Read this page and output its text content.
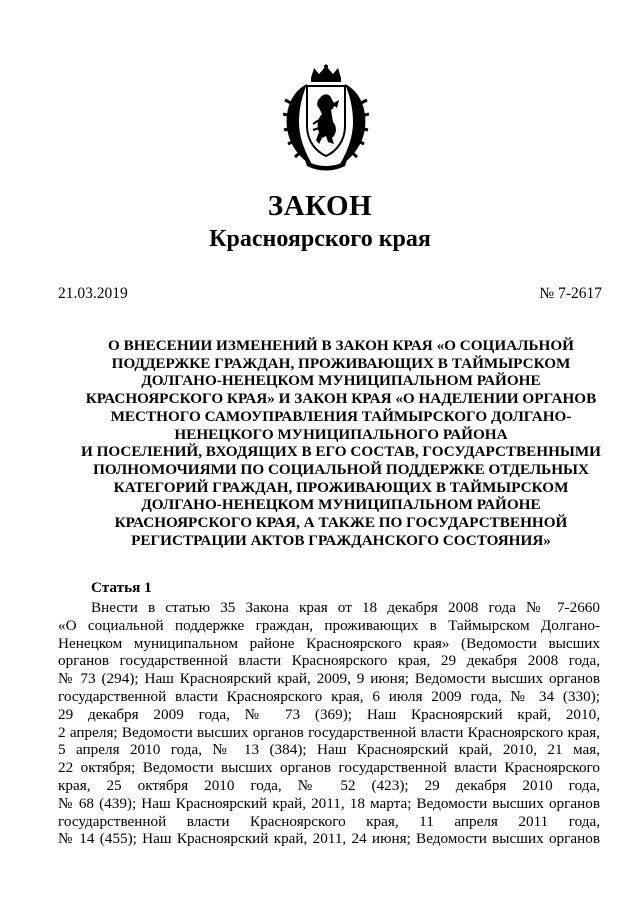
ЗАКОН
Красноярского края
21.03.2019	№ 7-2617
О ВНЕСЕНИИ ИЗМЕНЕНИЙ В ЗАКОН КРАЯ «О СОЦИАЛЬНОЙ
ПОДДЕРЖКЕ ГРАЖДАН, ПРОЖИВАЮЩИХ В ТАЙМЫРСКОМ
ДОЛГАНО-НЕНЕЦКОМ МУНИЦИПАЛЬНОМ РАЙОНЕ
КРАСНОЯРСКОГО КРАЯ» И ЗАКОН КРАЯ «О НАДЕЛЕНИИ ОРГАНОВ
МЕСТНОГО САМОУПРАВЛЕНИЯ ТАЙМЫРСКОГО ДОЛГАНО-
НЕНЕЦКОГО МУНИЦИПАЛЬНОГО РАЙОНА
И ПОСЕЛЕНИЙ, ВХОДЯЩИХ В ЕГО СОСТАВ, ГОСУДАРСТВЕННЫМИ
ПОЛНОМОЧИЯМИ ПО СОЦИАЛЬНОЙ ПОДДЕРЖКЕ ОТДЕЛЬНЫХ
КАТЕГОРИЙ ГРАЖДАН, ПРОЖИВАЮЩИХ В ТАЙМЫРСКОМ
ДОЛГАНО-НЕНЕЦКОМ МУНИЦИПАЛЬНОМ РАЙОНЕ
КРАСНОЯРСКОГО КРАЯ, А ТАКЖЕ ПО ГОСУДАРСТВЕННОЙ
РЕГИСТРАЦИИ АКТОВ ГРАЖДАНСКОГО СОСТОЯНИЯ»
Статья 1
Внести в статью 35 Закона края от 18 декабря 2008 года № 7-2660
«О социальной поддержке граждан, проживающих в Таймырском Долгано-
Ненецком муниципальном районе Красноярского края» (Ведомости высших
органов государственной власти Красноярского края, 29 декабря 2008 года,
№ 73 (294); Наш Красноярский край, 2009, 9 июня; Ведомости высших органов
государственной власти Красноярского края, 6 июля 2009 года, № 34 (330);
29 декабря 2009 года, № 73 (369); Наш Красноярский край, 2010,
2 апреля; Ведомости высших органов государственной власти Красноярского края,
5 апреля 2010 года, № 13 (384); Наш Красноярский край, 2010, 21 мая,
22 октября; Ведомости высших органов государственной власти Красноярского
края, 25 октября 2010 года, № 52 (423); 29 декабря 2010 года,
№ 68 (439); Наш Красноярский край, 2011, 18 марта; Ведомости высших органов
государственной власти Красноярского края, 11 апреля 2011 года,
№ 14 (455); Наш Красноярский край, 2011, 24 июня; Ведомости высших органов
